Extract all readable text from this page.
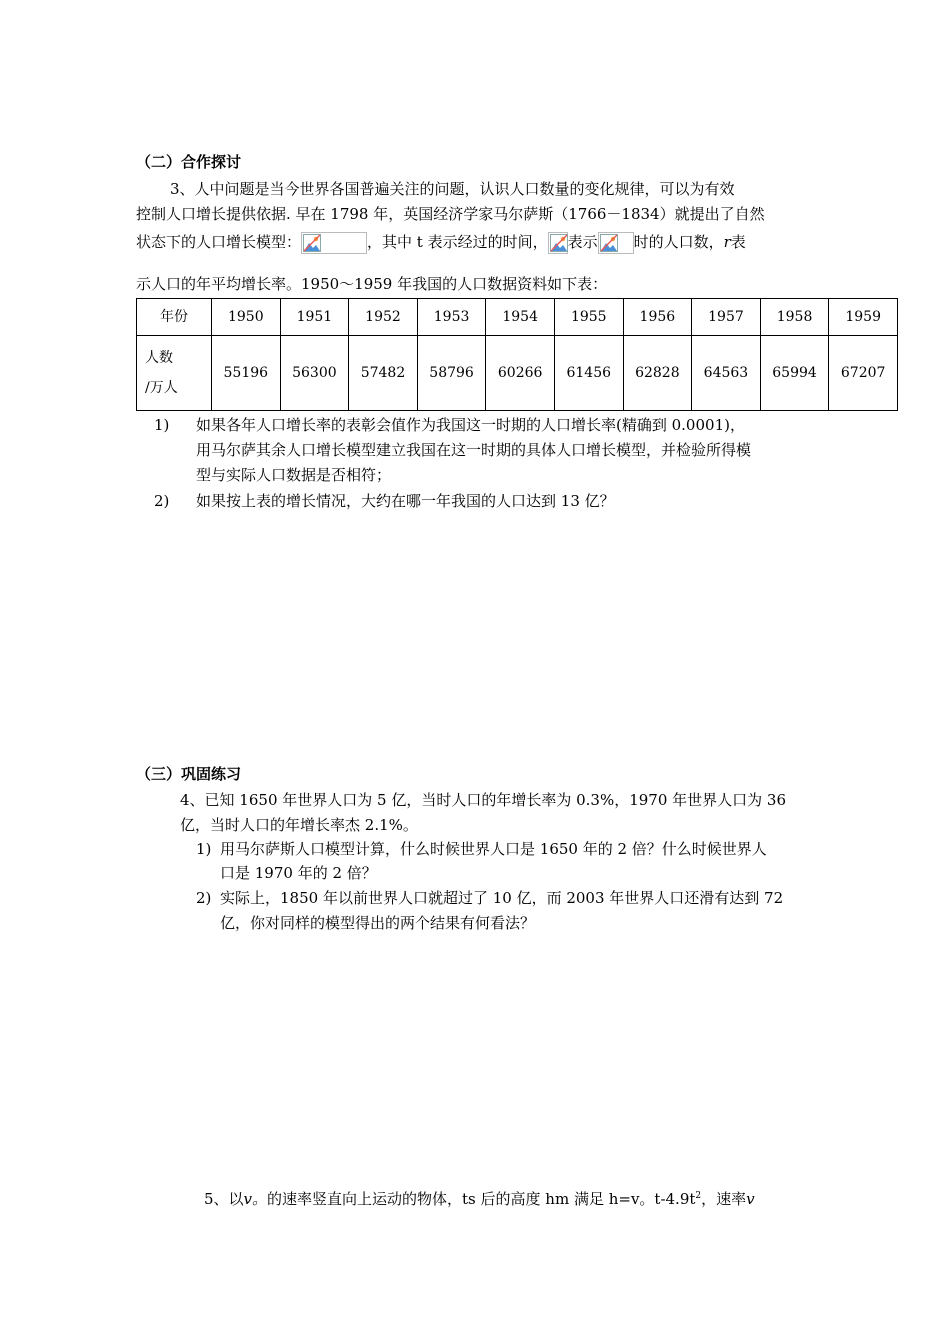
（二）合作探讨
3、人中问题是当今世界各国普遍关注的问题，认识人口数量的变化规律，可以为有效
控制人口增长提供依据. 早在 1798 年，英国经济学家马尔萨斯（1766－1834）就提出了自然
状态下的人口增长模型：	，其中 t 表示经过的时间， 表示 时的人口数，r表
示人口的年平均增长率。1950～1959 年我国的人口数据资料如下表：
年份	1950	1951	1952	1953	1954	1955	1956	1957	1958	1959

人数
/万人	55196	56300	57482	58796	60266	61456	62828	64563	65994	67207
1) 如果各年人口增长率的表彰会值作为我国这一时期的人口增长率(精确到 0.0001)，
用马尔萨其余人口增长模型建立我国在这一时期的具体人口增长模型，并检验所得模
型与实际人口数据是否相符；
2) 如果按上表的增长情况，大约在哪一年我国的人口达到 13 亿？
（三）巩固练习
4、已知 1650 年世界人口为 5 亿，当时人口的年增长率为 0.3%，1970 年世界人口为 36
亿，当时人口的年增长率杰 2.1%。
1) 用马尔萨斯人口模型计算，什么时候世界人口是 1650 年的 2 倍？什么时候世界人
口是 1970 年的 2 倍？
2) 实际上，1850 年以前世界人口就超过了 10 亿，而 2003 年世界人口还滑有达到 72
亿，你对同样的模型得出的两个结果有何看法？
5、以v。的速率竖直向上运动的物体，ts 后的高度 hm 满足 h=v。$t-4.9t^2$，速率v
